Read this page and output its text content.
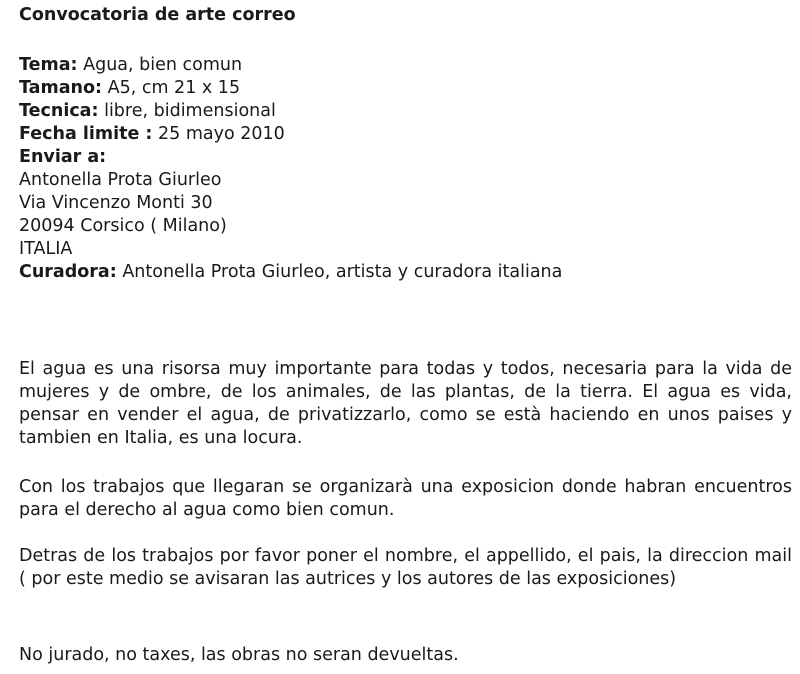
Convocatoria de arte correo
Tema: Agua, bien comun
Tamano: A5, cm 21 x 15
Tecnica: libre, bidimensional
Fecha limite : 25 mayo 2010
Enviar a:
Antonella Prota Giurleo
Via Vincenzo Monti 30
20094 Corsico ( Milano)
ITALIA
Curadora: Antonella Prota Giurleo, artista y curadora italiana
El agua es una risorsa muy importante para todas y todos, necesaria para la vida de mujeres y de ombre, de los animales, de las plantas, de la tierra. El agua es vida, pensar en vender el agua, de privatizzarlo, como se està haciendo en unos paises y tambien en Italia, es una locura.
Con los trabajos que llegaran se organizarà una exposicion donde habran encuentros para el derecho al agua como bien comun.
Detras de los trabajos por favor poner el nombre, el appellido, el pais, la direccion mail ( por este medio se avisaran las autrices y los autores de las exposiciones)
No jurado, no taxes, las obras no seran devueltas.
